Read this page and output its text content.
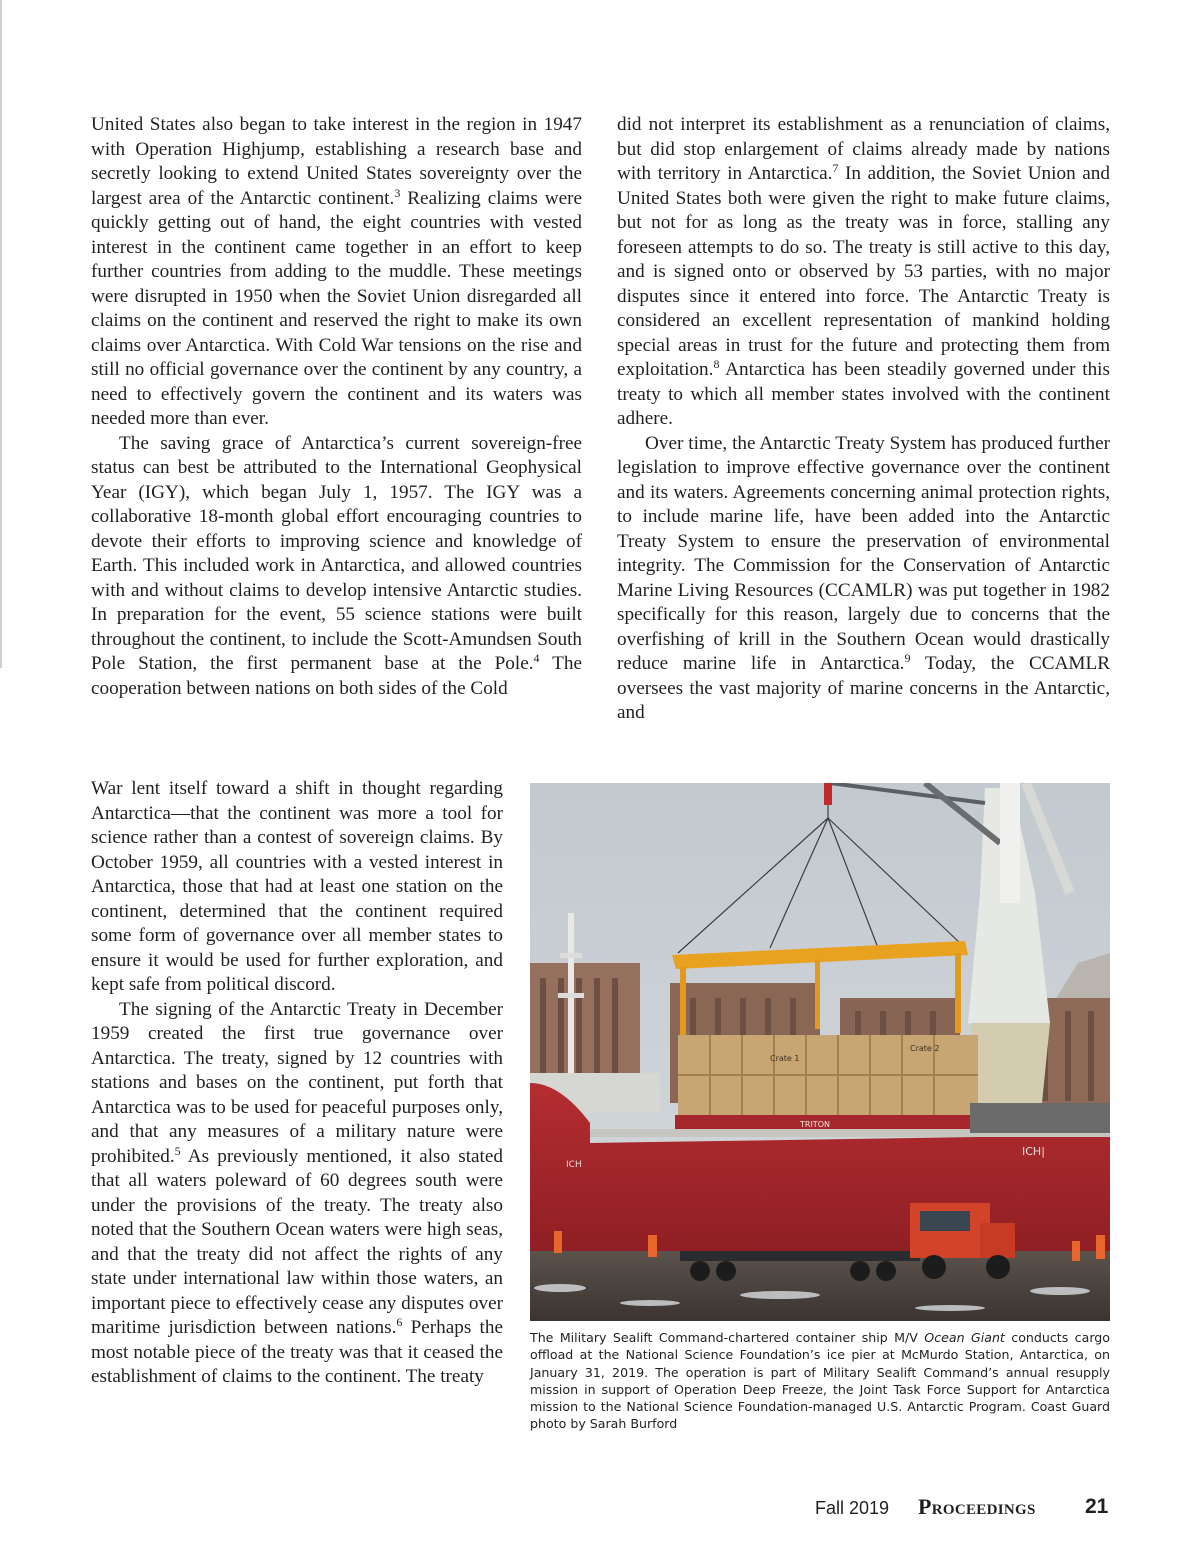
United States also began to take interest in the region in 1947 with Operation Highjump, establishing a research base and secretly looking to extend United States sovereignty over the largest area of the Antarctic continent.$^3$ Realizing claims were quickly getting out of hand, the eight countries with vested interest in the continent came together in an effort to keep further countries from adding to the muddle. These meetings were disrupted in 1950 when the Soviet Union disregarded all claims on the continent and reserved the right to make its own claims over Antarctica. With Cold War tensions on the rise and still no official governance over the continent by any country, a need to effectively govern the continent and its waters was needed more than ever.

The saving grace of Antarctica’s current sovereign-free status can best be attributed to the International Geophysical Year (IGY), which began July 1, 1957. The IGY was a collaborative 18-month global effort encouraging countries to devote their efforts to improving science and knowledge of Earth. This included work in Antarctica, and allowed countries with and without claims to develop intensive Antarctic studies. In preparation for the event, 55 science stations were built throughout the continent, to include the Scott-Amundsen South Pole Station, the first permanent base at the Pole.$^4$ The cooperation between nations on both sides of the Cold

War lent itself toward a shift in thought regarding Antarctica—that the continent was more a tool for science rather than a contest of sovereign claims. By October 1959, all countries with a vested interest in Antarctica, those that had at least one station on the continent, determined that the continent required some form of governance over all member states to ensure it would be used for further exploration, and kept safe from political discord.

The signing of the Antarctic Treaty in December 1959 created the first true governance over Antarctica. The treaty, signed by 12 countries with stations and bases on the continent, put forth that Antarctica was to be used for peaceful purposes only, and that any measures of a military nature were prohibited.$^5$ As previously mentioned, it also stated that all waters poleward of 60 degrees south were under the provisions of the treaty. The treaty also noted that the Southern Ocean waters were high seas, and that the treaty did not affect the rights of any state under international law within those waters, an important piece to effectively cease any disputes over maritime jurisdiction between nations.$^6$ Perhaps the most notable piece of the treaty was that it ceased the establishment of claims to the continent. The treaty

did not interpret its establishment as a renunciation of claims, but did stop enlargement of claims already made by nations with territory in Antarctica.$^7$ In addition, the Soviet Union and United States both were given the right to make future claims, but not for as long as the treaty was in force, stalling any foreseen attempts to do so. The treaty is still active to this day, and is signed onto or observed by 53 parties, with no major disputes since it entered into force. The Antarctic Treaty is considered an excellent representation of mankind holding special areas in trust for the future and protecting them from exploitation.$^8$ Antarctica has been steadily governed under this treaty to which all member states involved with the continent adhere.

Over time, the Antarctic Treaty System has produced further legislation to improve effective governance over the continent and its waters. Agreements concerning animal protection rights, to include marine life, have been added into the Antarctic Treaty System to ensure the preservation of environmental integrity. The Commission for the Conservation of Antarctic Marine Living Resources (CCAMLR) was put together in 1982 specifically for this reason, largely due to concerns that the overfishing of krill in the Southern Ocean would drastically reduce marine life in Antarctica.$^9$ Today, the CCAMLR oversees the vast majority of marine concerns in the Antarctic, and

Crate 1
Crate 2
TRITON
ICH
ICH|
The Military Sealift Command-chartered container ship M/V Ocean Giant conducts cargo offload at the National Science Foundation’s ice pier at McMurdo Station, Antarctica, on January 31, 2019. The operation is part of Military Sealift Command’s annual resupply mission in support of Operation Deep Freeze, the Joint Task Force Support for Antarctica mission to the National Science Foundation-managed U.S. Antarctic Program. Coast Guard photo by Sarah Burford
Fall 2019 Proceedings 21
